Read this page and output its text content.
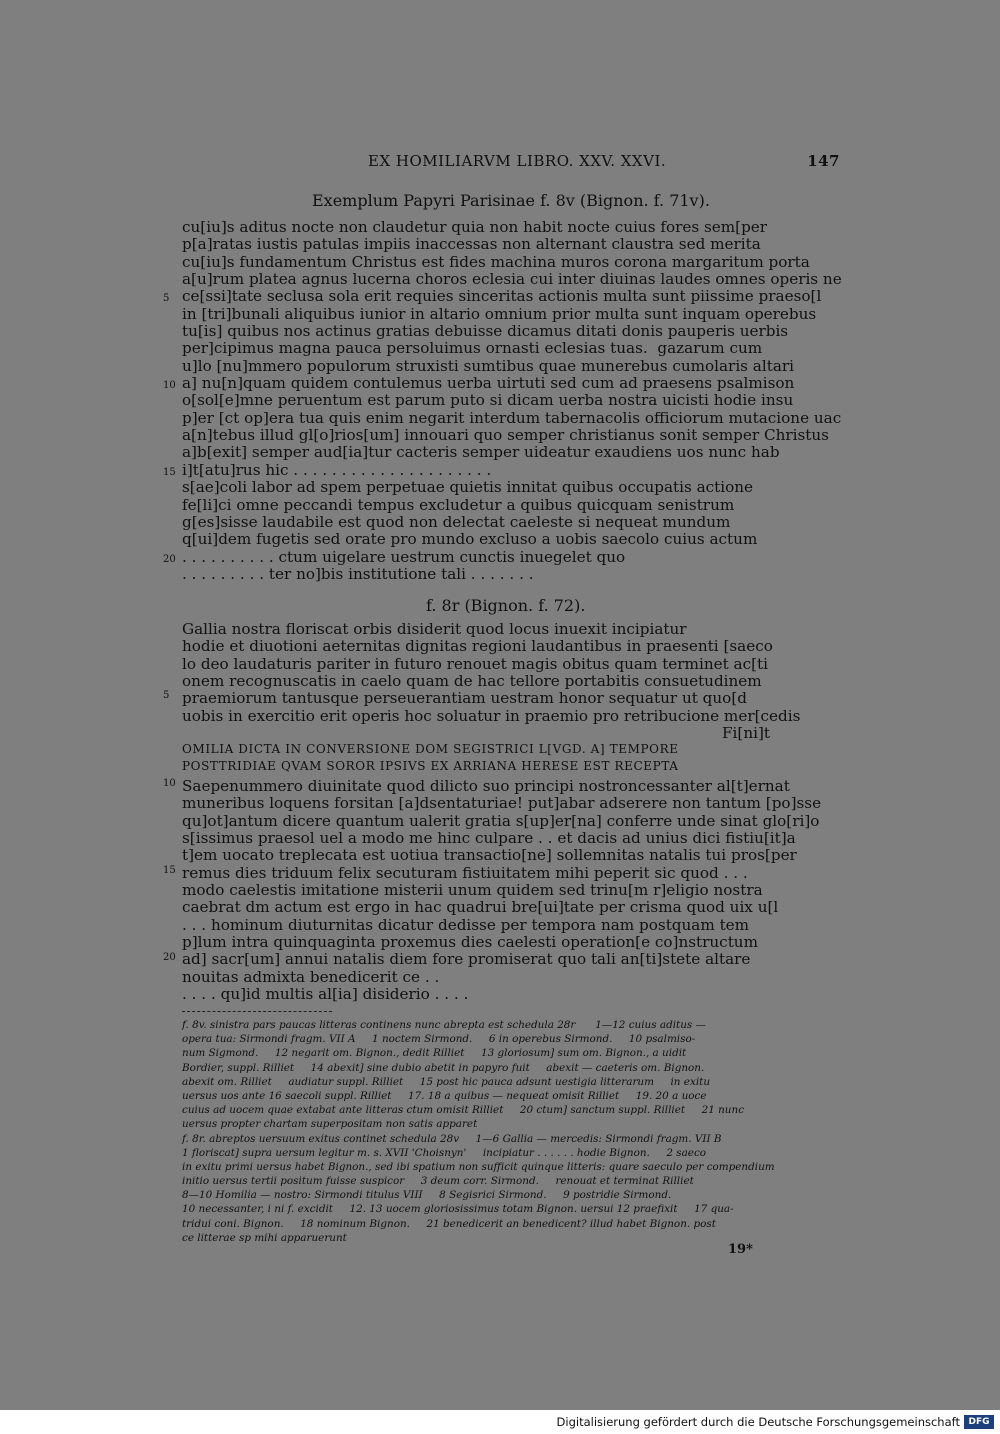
EX HOMILIARVM LIBRO. XXV. XXVI.	147
Exemplum Papyri Parisinae f. 8v (Bignon. f. 71v).
cu[iu]s aditus nocte non claudetur quia non habit nocte cuius fores sem[per
p[a]ratas iustis patulas impiis inaccessas non alternant claustra sed merita
cu[iu]s fundamentum Christus est fides machina muros corona margaritum porta
a[u]rum platea agnus lucerna choros eclesia cui inter diuinas laudes omnes operis ne
ce[ssi]tate seclusa sola erit requies sinceritas actionis multa sunt piissime praeso[l
in [tri]bunali aliquibus iunior in altario omnium prior multa sunt inquam operebus
tu[is] quibus nos actinus gratias debuisse dicamus ditati donis pauperis uerbis
per]cipimus magna pauca persoluimus ornasti eclesias tuas.  gazarum cum
u]lo [nu]mmero populorum struxisti sumtibus quae munerebus cumolaris altari
a] nu[n]quam quidem contulemus uerba uirtuti sed cum ad praesens psalmison
o[sol[e]mne peruentum est parum puto si dicam uerba nostra uicisti hodie insu
p]er [ct op]era tua quis enim negarit interdum tabernacolis officiorum mutacione uac
a[n]tebus illud gl[o]rios[um] innouari quo semper christianus sonit semper Christus
a]b[exit] semper aud[ia]tur cacteris semper uideatur exaudiens uos nunc hab
i]t[atu]rus hic . . . . . . . . . . . . . . . . . . . . .
s[ae]coli labor ad spem perpetuae quietis innitat quibus occupatis actione
fe[li]ci omne peccandi tempus excludetur a quibus quicquam senistrum
g[es]sisse laudabile est quod non delectat caeleste si nequeat mundum
q[ui]dem fugetis sed orate pro mundo excluso a uobis saecolo cuius actum
. . . . . . . . . . ctum uigelare uestrum cunctis inuegelet quo
. . . . . . . . . ter no]bis institutione tali . . . . . . .
5
10
15
20
f. 8r (Bignon. f. 72).
Gallia nostra floriscat orbis disiderit quod locus inuexit incipiatur
hodie et diuotioni aeternitas dignitas regioni laudantibus in praesenti [saeco
lo deo laudaturis pariter in futuro renouet magis obitus quam terminet ac[ti
onem recognuscatis in caelo quam de hac tellore portabitis consuetudinem
praemiorum tantusque perseuerantiam uestram honor sequatur ut quo[d
uobis in exercitio erit operis hoc soluatur in praemio pro retribucione mer[cedis
Fi[ni]t
OMILIA DICTA IN CONVERSIONE DOM SEGISTRICI L[VGD. A] TEMPORE
POSTTRIDIAE QVAM SOROR IPSIVS EX ARRIANA HERESE EST RECEPTA
Saepenummero diuinitate quod dilicto suo principi nostroncessanter al[t]ernat
muneribus loquens forsitan [a]dsentaturiae! put]abar adserere non tantum [po]sse
qu]ot]antum dicere quantum ualerit gratia s[up]er[na] conferre unde sinat glo[ri]o
s[issimus praesol uel a modo me hinc culpare . . et dacis ad unius dici fistiu[it]a
t]em uocato treplecata est uotiua transactio[ne] sollemnitas natalis tui pros[per
remus dies triduum felix secuturam fistiuitatem mihi peperit sic quod . . .
modo caelestis imitatione misterii unum quidem sed trinu[m r]eligio nostra
caebrat dm actum est ergo in hac quadrui bre[ui]tate per crisma quod uix u[l
. . . hominum diuturnitas dicatur dedisse per tempora nam postquam tem
p]lum intra quinquaginta proxemus dies caelesti operation[e co]nstructum
ad] sacr[um] annui natalis diem fore promiserat quo tali an[ti]stete altare
nouitas admixta benedicerit ce . .
. . . . qu]id multis al[ia] disiderio . . . .
5
10
15
20
f. 8v. sinistra pars paucas litteras continens nunc abrepta est schedula 28r      1—12 cuius aditus —
opera tua: Sirmondi fragm. VII A     1 noctem Sirmond.     6 in operebus Sirmond.     10 psalmiso-
num Sigmond.     12 negarit om. Bignon., dedit Rilliet     13 gloriosum] sum om. Bignon., a uidit
Bordier, suppl. Rilliet     14 abexit] sine dubio abetit in papyro fuit     abexit — caeteris om. Bignon.
abexit om. Rilliet     audiatur suppl. Rilliet     15 post hic pauca adsunt uestigia litterarum     in exitu
uersus uos ante 16 saecoli suppl. Rilliet     17. 18 a quibus — nequeat omisit Rilliet     19. 20 a uoce
cuius ad uocem quae extabat ante litteras ctum omisit Rilliet     20 ctum] sanctum suppl. Rilliet     21 nunc
uersus propter chartam superpositam non satis apparet
f. 8r. abreptos uersuum exitus continet schedula 28v     1—6 Gallia — mercedis: Sirmondi fragm. VII B
1 floriscat] supra uersum legitur m. s. XVII 'Choisnyn'     incipiatur . . . . . . hodie Bignon.     2 saeco
in exitu primi uersus habet Bignon., sed ibi spatium non sufficit quinque litteris: quare saeculo per compendium
initio uersus tertii positum fuisse suspicor     3 deum corr. Sirmond.     renouat et terminat Rilliet
8—10 Homilia — nostro: Sirmondi titulus VIII     8 Segisrici Sirmond.     9 postridie Sirmond.
10 necessanter, i ni f. excidit     12. 13 uocem gloriosissimus totam Bignon. uersui 12 praefixit     17 qua-
tridui coni. Bignon.     18 nominum Bignon.     21 benedicerit an benedicent? illud habet Bignon. post
ce litterae sp mihi apparuerunt
19*
Digitalisierung gefördert durch die Deutsche Forschungsgemeinschaft DFG
